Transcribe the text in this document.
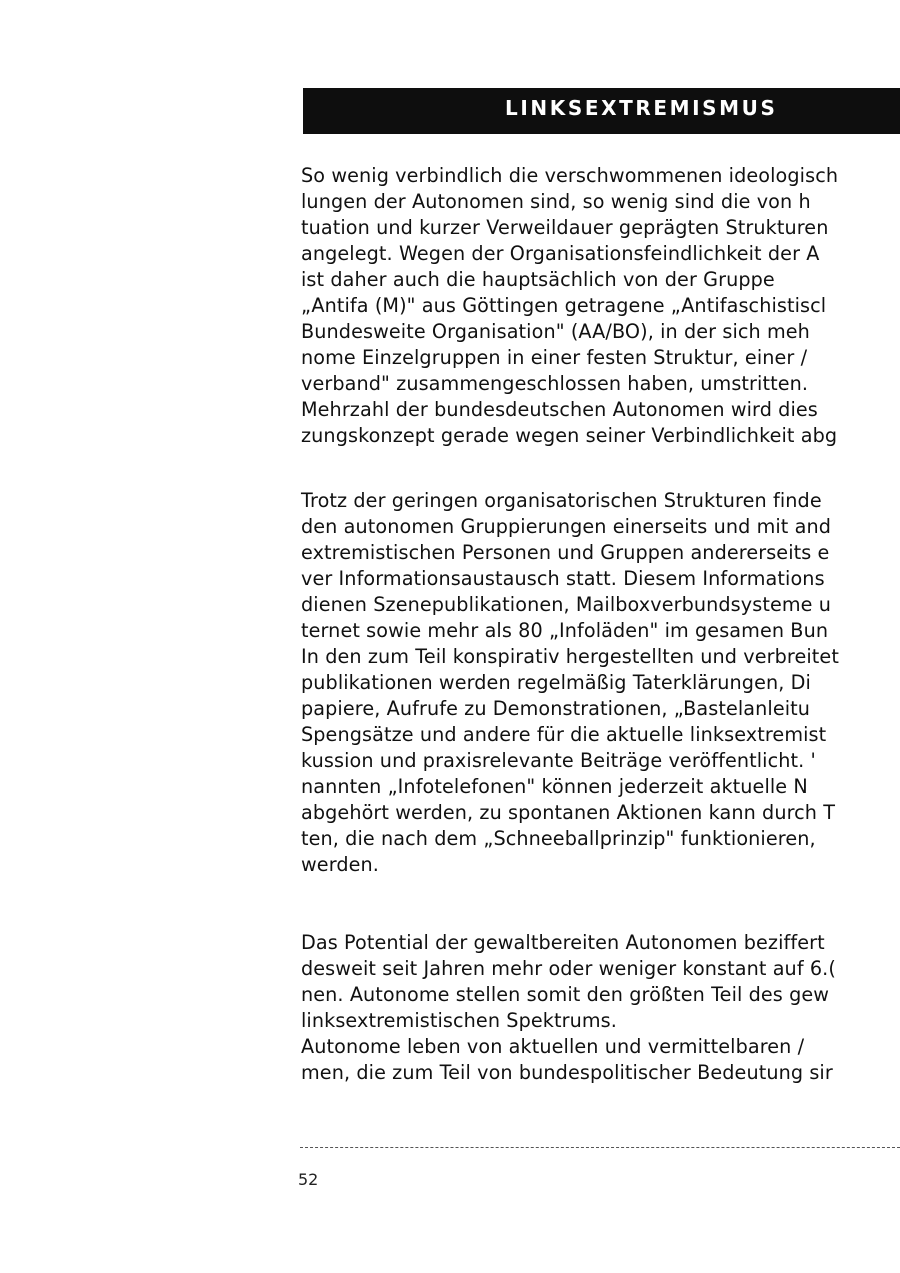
LINKSEXTREMISMUS
So wenig verbindlich die verschwommenen ideologisch
lungen der Autonomen sind, so wenig sind die von h
tuation und kurzer Verweildauer geprägten Strukturen
angelegt. Wegen der Organisationsfeindlichkeit der A
ist daher auch die hauptsächlich von der Gruppe
„Antifa (M)" aus Göttingen getragene „Antifaschistiscl
Bundesweite Organisation" (AA/BO), in der sich meh
nome Einzelgruppen in einer festen Struktur, einer /
verband" zusammengeschlossen haben, umstritten.
Mehrzahl der bundesdeutschen Autonomen wird dies
zungskonzept gerade wegen seiner Verbindlichkeit abg
Trotz der geringen organisatorischen Strukturen finde
den autonomen Gruppierungen einerseits und mit and
extremistischen Personen und Gruppen andererseits e
ver Informationsaustausch statt. Diesem Informations
dienen Szenepublikationen, Mailboxverbundsysteme u
ternet sowie mehr als 80 „Infoläden" im gesamen Bun
In den zum Teil konspirativ hergestellten und verbreitet
publikationen werden regelmäßig Taterklärungen, Di
papiere, Aufrufe zu Demonstrationen, „Bastelanleitu
Spengsätze und andere für die aktuelle linksextremist
kussion und praxisrelevante Beiträge veröffentlicht. '
nannten „Infotelefonen" können jederzeit aktuelle N
abgehört werden, zu spontanen Aktionen kann durch T
ten, die nach dem „Schneeballprinzip" funktionieren,
werden.
Das Potential der gewaltbereiten Autonomen beziffert
desweit seit Jahren mehr oder weniger konstant auf 6.(
nen. Autonome stellen somit den größten Teil des gew
linksextremistischen Spektrums.
Autonome leben von aktuellen und vermittelbaren /
men, die zum Teil von bundespolitischer Bedeutung sir
52
